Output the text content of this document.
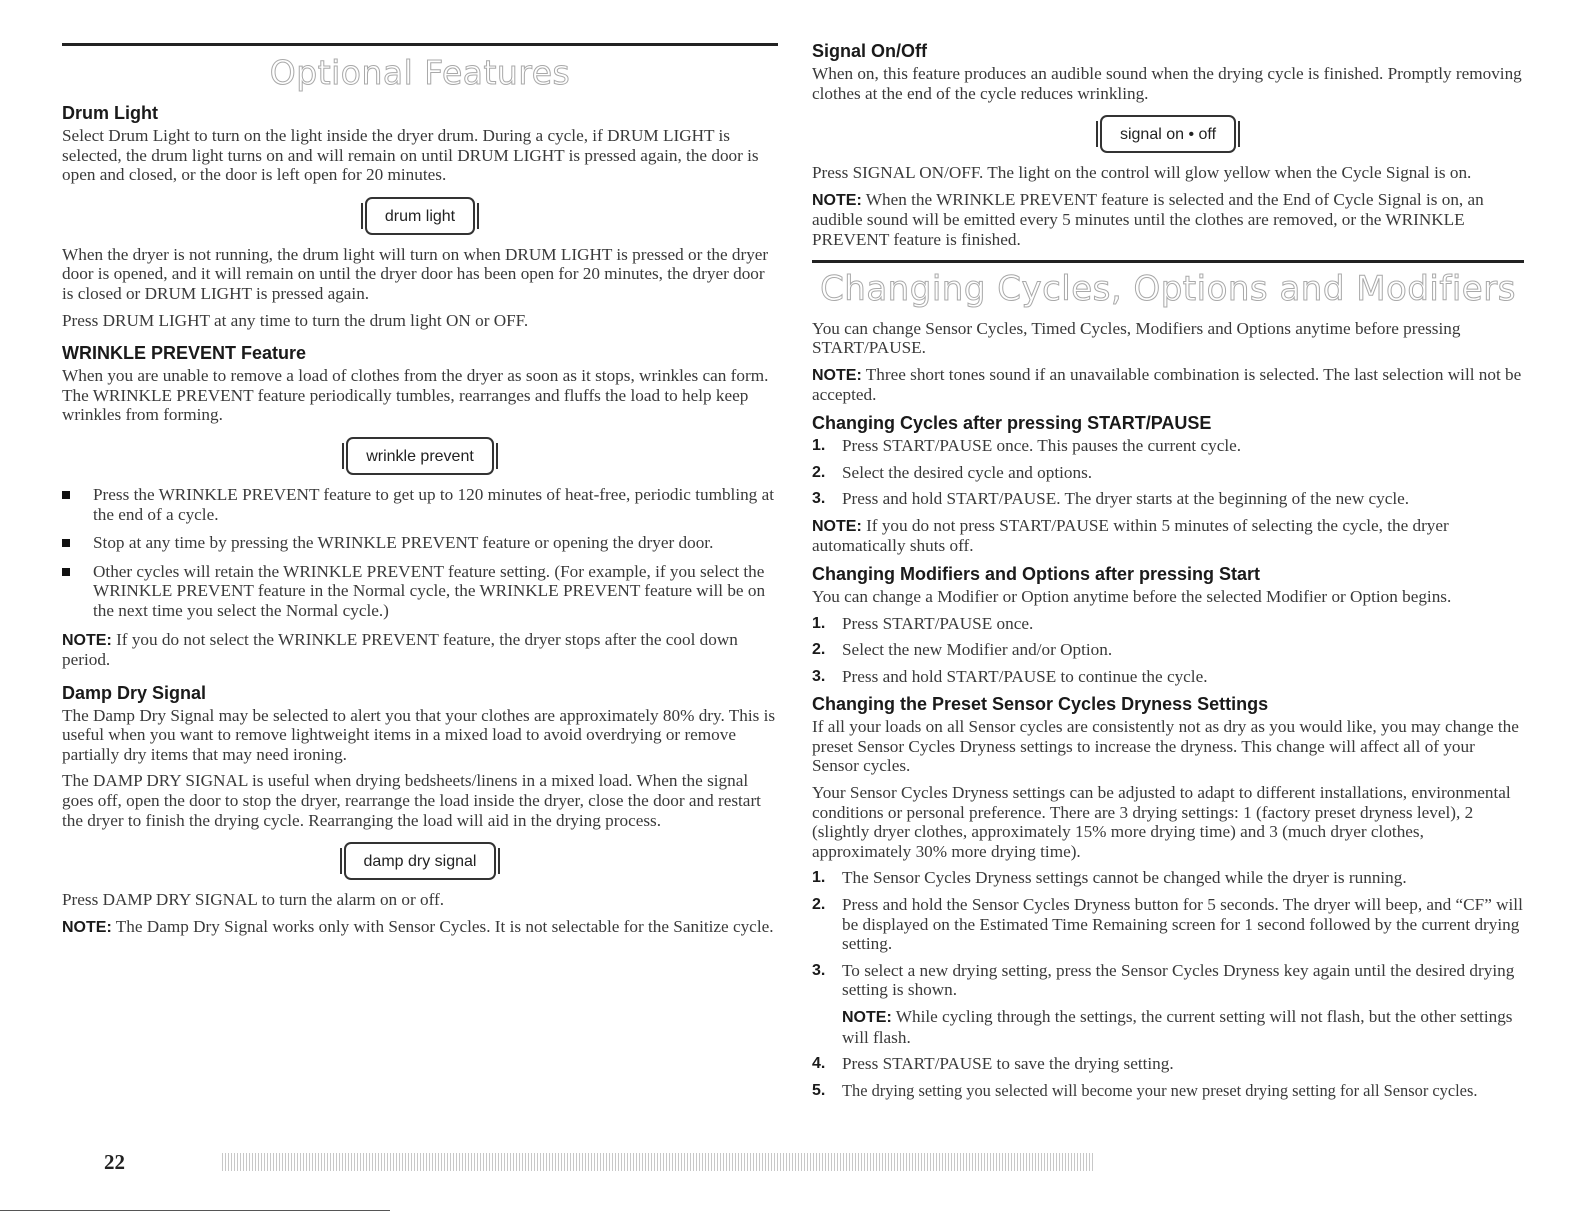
Optional Features
Drum Light

Select Drum Light to turn on the light inside the dryer drum. During a cycle, if DRUM LIGHT is selected, the drum light turns on and will remain on until DRUM LIGHT is pressed again, the door is open and closed, or the door is left open for 20 minutes.

drum light

When the dryer is not running, the drum light will turn on when DRUM LIGHT is pressed or the dryer door is opened, and it will remain on until the dryer door has been open for 20 minutes, the dryer door is closed or DRUM LIGHT is pressed again.

Press DRUM LIGHT at any time to turn the drum light ON or OFF.

WRINKLE PREVENT Feature

When you are unable to remove a load of clothes from the dryer as soon as it stops, wrinkles can form. The WRINKLE PREVENT feature periodically tumbles, rearranges and fluffs the load to help keep wrinkles from forming.

wrinkle prevent
Press the WRINKLE PREVENT feature to get up to 120 minutes of heat-free, periodic tumbling at the end of a cycle.
Stop at any time by pressing the WRINKLE PREVENT feature or opening the dryer door.
Other cycles will retain the WRINKLE PREVENT feature setting. (For example, if you select the WRINKLE PREVENT feature in the Normal cycle, the WRINKLE PREVENT feature will be on the next time you select the Normal cycle.)

NOTE: If you do not select the WRINKLE PREVENT feature, the dryer stops after the cool down period.

Damp Dry Signal

The Damp Dry Signal may be selected to alert you that your clothes are approximately 80% dry. This is useful when you want to remove lightweight items in a mixed load to avoid overdrying or remove partially dry items that may need ironing.

The DAMP DRY SIGNAL is useful when drying bedsheets/linens in a mixed load. When the signal goes off, open the door to stop the dryer, rearrange the load inside the dryer, close the door and restart the dryer to finish the drying cycle. Rearranging the load will aid in the drying process.

damp dry signal

Press DAMP DRY SIGNAL to turn the alarm on or off.

NOTE: The Damp Dry Signal works only with Sensor Cycles. It is not selectable for the Sanitize cycle.

Signal On/Off

When on, this feature produces an audible sound when the drying cycle is finished. Promptly removing clothes at the end of the cycle reduces wrinkling.

signal on • off

Press SIGNAL ON/OFF. The light on the control will glow yellow when the Cycle Signal is on.

NOTE: When the WRINKLE PREVENT feature is selected and the End of Cycle Signal is on, an audible sound will be emitted every 5 minutes until the clothes are removed, or the WRINKLE PREVENT feature is finished.

Changing Cycles, Options and Modifiers

You can change Sensor Cycles, Timed Cycles, Modifiers and Options anytime before pressing START/PAUSE.

NOTE: Three short tones sound if an unavailable combination is selected. The last selection will not be accepted.

Changing Cycles after pressing START/PAUSE
1. Press START/PAUSE once. This pauses the current cycle.
2. Select the desired cycle and options.
3. Press and hold START/PAUSE. The dryer starts at the beginning of the new cycle.

NOTE: If you do not press START/PAUSE within 5 minutes of selecting the cycle, the dryer automatically shuts off.

Changing Modifiers and Options after pressing Start

You can change a Modifier or Option anytime before the selected Modifier or Option begins.

1. Press START/PAUSE once.
2. Select the new Modifier and/or Option.
3. Press and hold START/PAUSE to continue the cycle.
Changing the Preset Sensor Cycles Dryness Settings

If all your loads on all Sensor cycles are consistently not as dry as you would like, you may change the preset Sensor Cycles Dryness settings to increase the dryness. This change will affect all of your Sensor cycles.

Your Sensor Cycles Dryness settings can be adjusted to adapt to different installations, environmental conditions or personal preference. There are 3 drying settings: 1 (factory preset dryness level), 2 (slightly dryer clothes, approximately 15% more drying time) and 3 (much dryer clothes, approximately 30% more drying time).

1. The Sensor Cycles Dryness settings cannot be changed while the dryer is running.
2. Press and hold the Sensor Cycles Dryness button for 5 seconds. The dryer will beep, and “CF” will be displayed on the Estimated Time Remaining screen for 1 second followed by the current drying setting.
3. To select a new drying setting, press the Sensor Cycles Dryness key again until the desired drying setting is shown.
NOTE: While cycling through the settings, the current setting will not flash, but the other settings will flash.
4. Press START/PAUSE to save the drying setting.
5. The drying setting you selected will become your new preset drying setting for all Sensor cycles.
22
